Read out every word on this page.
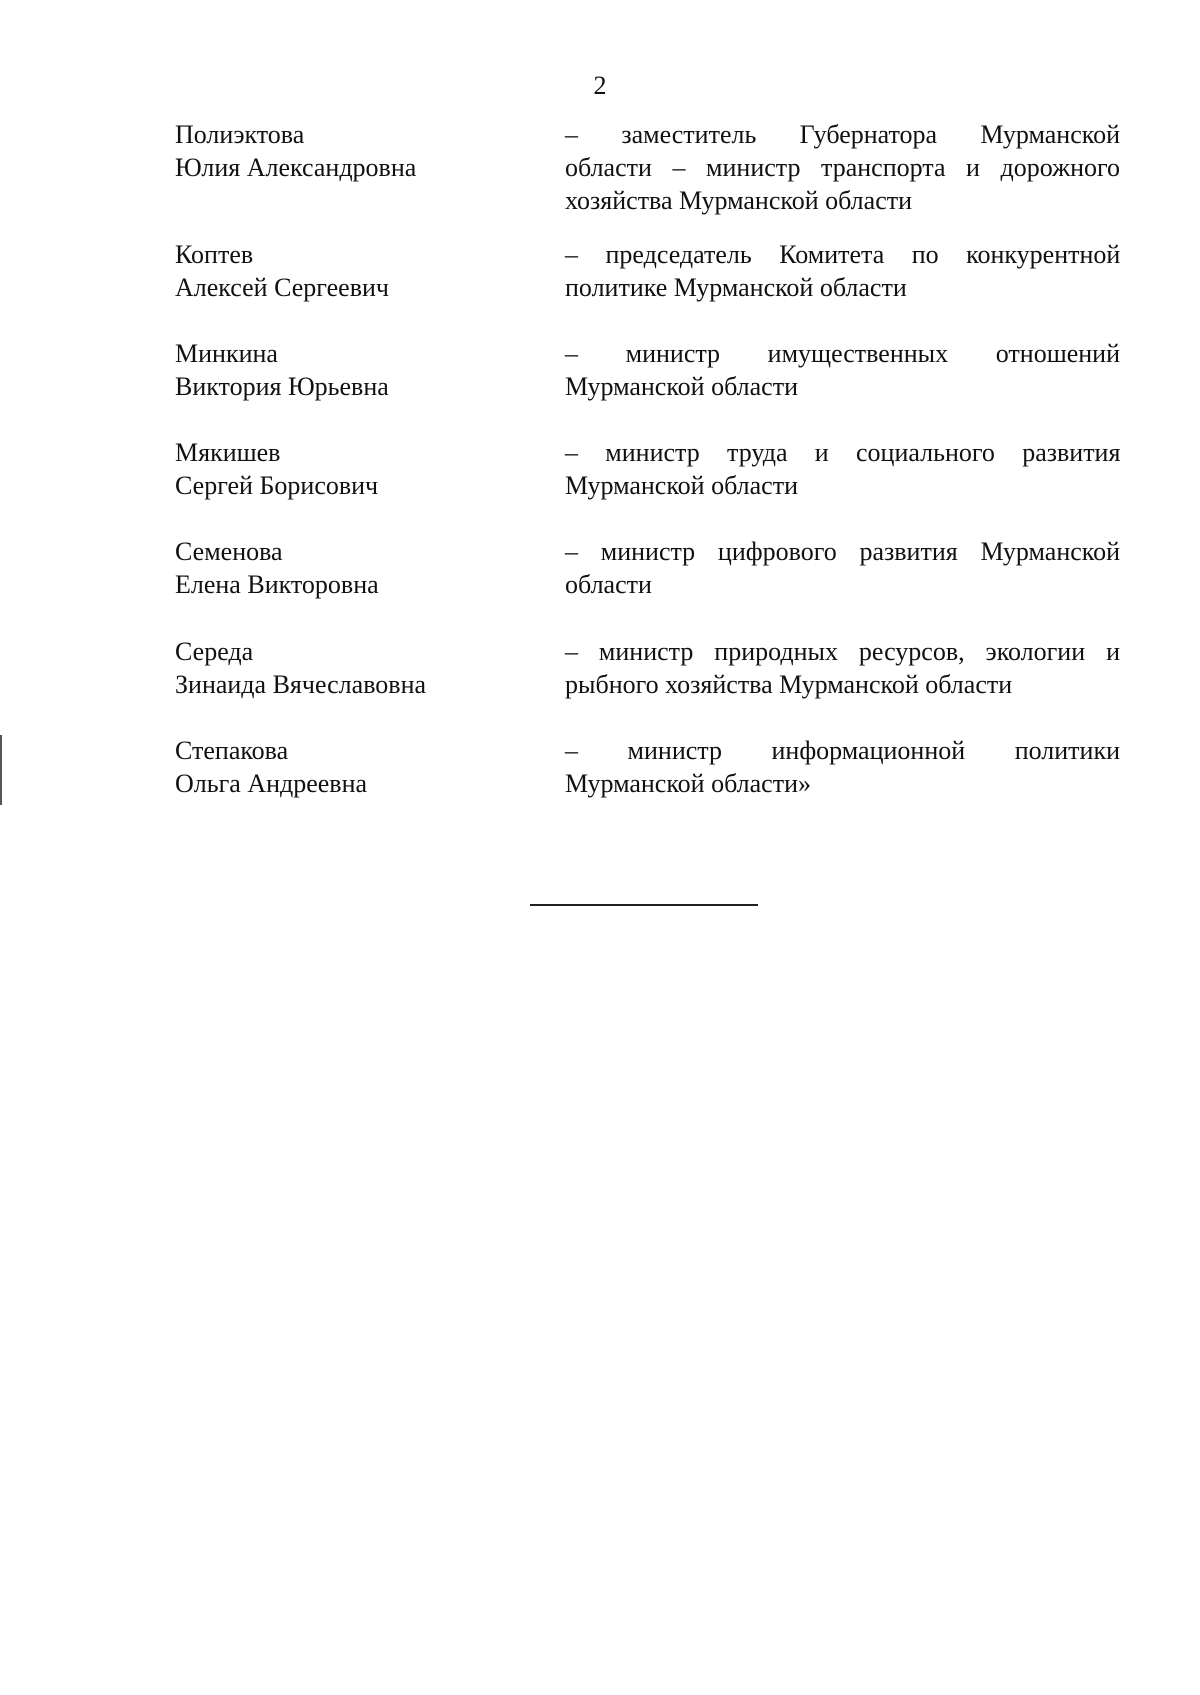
2
Полиэктова
Юлия Александровна
– заместитель Губернатора Мурманской
области – министр транспорта и дорожного
хозяйства Мурманской области
Коптев
Алексей Сергеевич
– председатель Комитета по конкурентной
политике Мурманской области
Минкина
Виктория Юрьевна
– министр имущественных отношений
Мурманской области
Мякишев
Сергей Борисович
– министр труда и социального развития
Мурманской области
Семенова
Елена Викторовна
– министр цифрового развития Мурманской
области
Середа
Зинаида Вячеславовна
– министр природных ресурсов, экологии и
рыбного хозяйства Мурманской области
Степакова
Ольга Андреевна
– министр информационной политики
Мурманской области»
